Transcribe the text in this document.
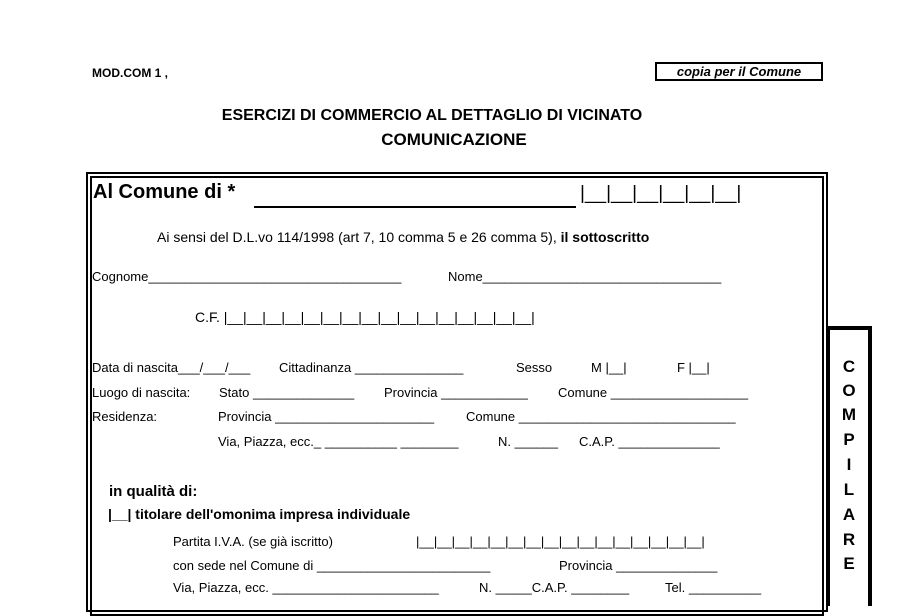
MOD.COM 1 ,	copia per il Comune
ESERCIZI DI COMMERCIO AL DETTAGLIO DI VICINATO
COMUNICAZIONE
Al Comune di *	|__|__|__|__|__|__|
Ai sensi del D.L.vo 114/1998 (art 7, 10 comma 5 e 26 comma 5), il sottoscritto
Cognome___________________________________	Nome_________________________________
C.F. |__|__|__|__|__|__|__|__|__|__|__|__|__|__|__|__|
Data di nascita___/___/___ Cittadinanza _______________	Sesso	M |__|	F |__|
Luogo di nascita: Stato ______________ Provincia ____________ Comune ___________________
Residenza:	Provincia ______________________ Comune ______________________________
Via, Piazza, ecc._ __________ ________	N. ______ C.A.P. ______________
in qualità di:
|__| titolare dell'omonima impresa individuale
Partita I.V.A. (se già iscritto)	|__|__|__|__|__|__|__|__|__|__|__|__|__|__|__|__|
con sede nel Comune di ________________________	Provincia ______________
Via, Piazza, ecc. _______________________	N. _____C.A.P. ________	Tel. __________
C
O
M
P
I
L
A
R
E
